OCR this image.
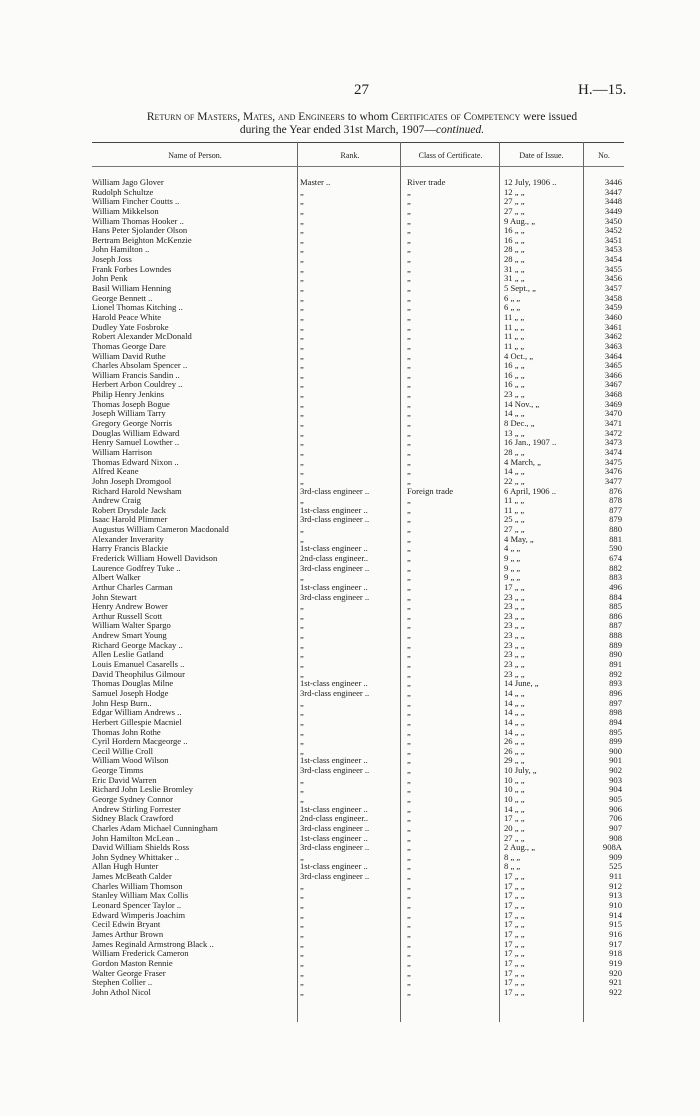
27	H.—15.
Return of Masters, Mates, and Engineers to whom Certificates of Competency were issued
during the Year ended 31st March, 1907—continued.
Name of Person.	Rank.	Class of Certificate.	Date of Issue.	No.
William Jago Glover	Master ..	River trade	12 July, 1906 ..	3446
Rudolph Schultze	„	„	12 „ „	3447
William Fincher Coutts ..	„	„	27 „ „	3448
William Mikkelson	„	„	27 „ „	3449
William Thomas Hooker ..	„	„	9 Aug., „	3450
Hans Peter Sjolander Olson	„	„	16 „ „	3452
Bertram Beighton McKenzie	„	„	16 „ „	3451
John Hamilton ..	„	„	28 „ „	3453
Joseph Joss	„	„	28 „ „	3454
Frank Forbes Lowndes	„	„	31 „ „	3455
John Penk	„	„	31 „ „	3456
Basil William Henning	„	„	5 Sept., „	3457
George Bennett ..	„	„	6 „ „	3458
Lionel Thomas Kitching ..	„	„	6 „ „	3459
Harold Peace White	„	„	11 „ „	3460
Dudley Yate Fosbroke	„	„	11 „ „	3461
Robert Alexander McDonald	„	„	11 „ „	3462
Thomas George Dare	„	„	11 „ „	3463
William David Ruthe	„	„	4 Oct., „	3464
Charles Absolam Spencer ..	„	„	16 „ „	3465
William Francis Sandin ..	„	„	16 „ „	3466
Herbert Arbon Couldrey ..	„	„	16 „ „	3467
Philip Henry Jenkins	„	„	23 „ „	3468
Thomas Joseph Bogue	„	„	14 Nov., „	3469
Joseph William Tarry	„	„	14 „ „	3470
Gregory George Norris	„	„	8 Dec., „	3471
Douglas William Edward	„	„	13 „ „	3472
Henry Samuel Lowther ..	„	„	16 Jan., 1907 ..	3473
William Harrison	„	„	28 „ „	3474
Thomas Edward Nixon ..	„	„	4 March, „	3475
Alfred Keane	„	„	14 „ „	3476
John Joseph Dromgool	„	„	22 „ „	3477
Richard Harold Newsham	3rd-class engineer ..	Foreign trade	6 April, 1906 ..	876
Andrew Craig	„	„	11 „ „	878
Robert Drysdale Jack	1st-class engineer ..	„	11 „ „	877
Isaac Harold Plimmer	3rd-class engineer ..	„	25 „ „	879
Augustus William Cameron Macdonald	„	„	27 „ „	880
Alexander Inverarity	„	„	4 May, „	881
Harry Francis Blackie	1st-class engineer ..	„	4 „ „	590
Frederick William Howell Davidson	2nd-class engineer..	„	9 „ „	674
Laurence Godfrey Tuke ..	3rd-class engineer ..	„	9 „ „	882
Albert Walker	„	„	9 „ „	883
Arthur Charles Carman	1st-class engineer ..	„	17 „ „	496
John Stewart	3rd-class engineer ..	„	23 „ „	884
Henry Andrew Bower	„	„	23 „ „	885
Arthur Russell Scott	„	„	23 „ „	886
William Walter Spargo	„	„	23 „ „	887
Andrew Smart Young	„	„	23 „ „	888
Richard George Mackay ..	„	„	23 „ „	889
Allen Leslie Gatland	„	„	23 „ „	890
Louis Emanuel Casarells ..	„	„	23 „ „	891
David Theophilus Gilmour	„	„	23 „ „	892
Thomas Douglas Milne	1st-class engineer ..	„	14 June, „	893
Samuel Joseph Hodge	3rd-class engineer ..	„	14 „ „	896
John Hesp Burn..	„	„	14 „ „	897
Edgar William Andrews ..	„	„	14 „ „	898
Herbert Gillespie Macniel	„	„	14 „ „	894
Thomas John Rothe	„	„	14 „ „	895
Cyril Hordern Macgeorge ..	„	„	26 „ „	899
Cecil Willie Croll	„	„	26 „ „	900
William Wood Wilson	1st-class engineer ..	„	29 „ „	901
George Timms	3rd-class engineer ..	„	10 July, „	902
Eric David Warren	„	„	10 „ „	903
Richard John Leslie Bromley	„	„	10 „ „	904
George Sydney Connor	„	„	10 „ „	905
Andrew Stirling Forrester	1st-class engineer ..	„	14 „ „	906
Sidney Black Crawford	2nd-class engineer..	„	17 „ „	706
Charles Adam Michael Cunningham	3rd-class engineer ..	„	20 „ „	907
John Hamilton McLean ..	1st-class engineer ..	„	27 „ „	908
David William Shields Ross	3rd-class engineer ..	„	2 Aug., „	908A
John Sydney Whittaker ..	„	„	8 „ „	909
Allan Hugh Hunter	1st-class engineer ..	„	8 „ „	525
James McBeath Calder	3rd-class engineer ..	„	17 „ „	911
Charles William Thomson	„	„	17 „ „	912
Stanley William Max Collis	„	„	17 „ „	913
Leonard Spencer Taylor ..	„	„	17 „ „	910
Edward Wimperis Joachim	„	„	17 „ „	914
Cecil Edwin Bryant	„	„	17 „ „	915
James Arthur Brown	„	„	17 „ „	916
James Reginald Armstrong Black ..	„	„	17 „ „	917
William Frederick Cameron	„	„	17 „ „	918
Gordon Maston Rennie	„	„	17 „ „	919
Walter George Fraser	„	„	17 „ „	920
Stephen Collier ..	„	„	17 „ „	921
John Athol Nicol	„	„	17 „ „	922
